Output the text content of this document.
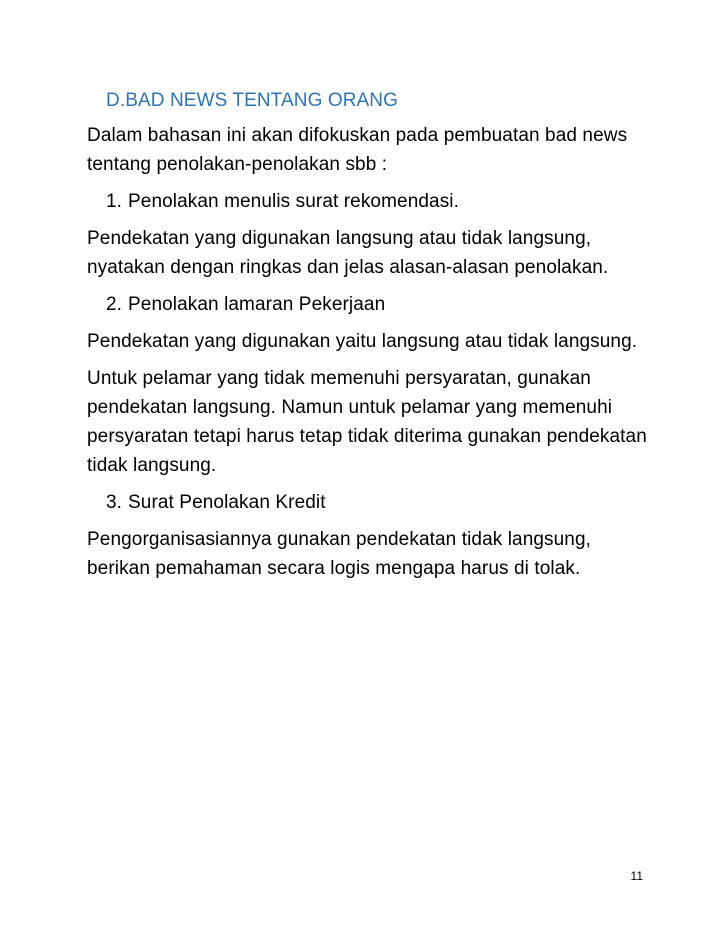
D.BAD NEWS TENTANG ORANG

Dalam bahasan ini akan difokuskan pada pembuatan bad news tentang penolakan-penolakan sbb :

1. Penolakan menulis surat rekomendasi.

Pendekatan yang digunakan langsung atau tidak langsung, nyatakan dengan ringkas dan jelas alasan-alasan penolakan.

2. Penolakan lamaran Pekerjaan

Pendekatan yang digunakan yaitu langsung atau tidak langsung.

Untuk pelamar yang tidak memenuhi persyaratan, gunakan pendekatan langsung. Namun untuk pelamar yang memenuhi persyaratan tetapi harus tetap tidak diterima gunakan pendekatan tidak langsung.

3. Surat Penolakan Kredit

Pengorganisasiannya gunakan pendekatan tidak langsung, berikan pemahaman secara logis mengapa harus di tolak.

11
